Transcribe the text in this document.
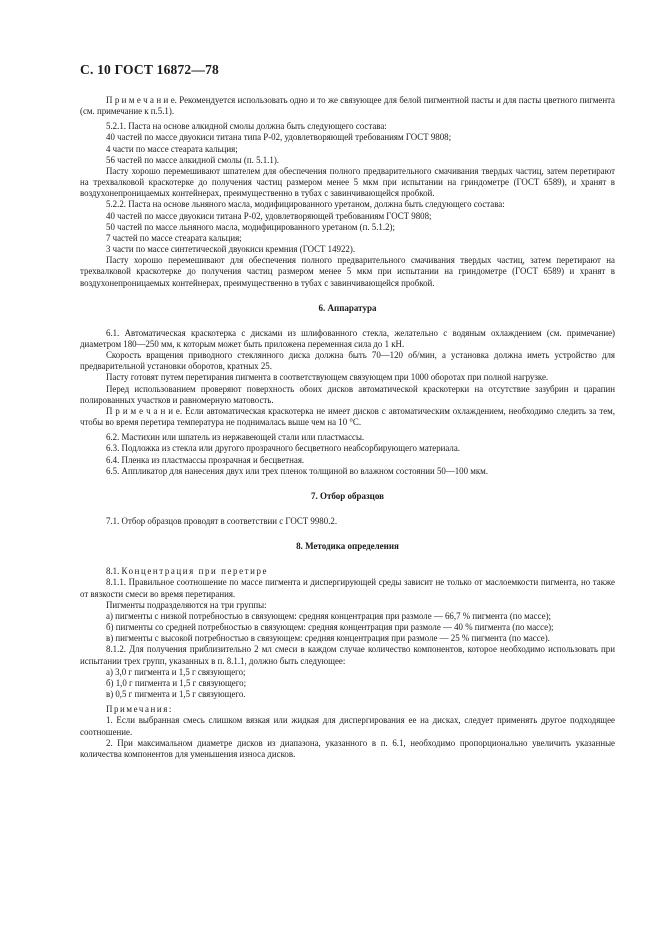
С. 10 ГОСТ 16872—78

П р и м е ч а н и е. Рекомендуется использовать одно и то же связующее для белой пигментной пасты и для пасты цветного пигмента (см. примечание к п.5.1).

5.2.1. Паста на основе алкидной смолы должна быть следующего состава:

40 частей по массе двуокиси титана типа Р-02, удовлетворяющей требованиям ГОСТ 9808;

4 части по массе стеарата кальция;

56 частей по массе алкидной смолы (п. 5.1.1).

Пасту хорошо перемешивают шпателем для обеспечения полного предварительного смачивания твердых частиц, затем перетирают на трехвалковой краскотерке до получения частиц размером менее 5 мкм при испытании на гриндометре (ГОСТ 6589), и хранят в воздухонепроницаемых контейнерах, преимущественно в тубах с завинчивающейся пробкой.

5.2.2. Паста на основе льняного масла, модифицированного уретаном, должна быть следующего состава:

40 частей по массе двуокиси титана Р-02, удовлетворяющей требованиям ГОСТ 9808;

50 частей по массе льняного масла, модифицированного уретаном (п. 5.1.2);

7 частей по массе стеарата кальция;

3 части по массе синтетической двуокиси кремния (ГОСТ 14922).

Пасту хорошо перемешивают для обеспечения полного предварительного смачивания твердых частиц, затем перетирают на трехвалковой краскотерке до получения частиц размером менее 5 мкм при испытании на гриндометре (ГОСТ 6589) и хранят в воздухонепроницаемых контейнерах, преимущественно в тубах с завинчивающейся пробкой.

6. Аппаратура

6.1. Автоматическая краскотерка с дисками из шлифованного стекла, желательно с водяным охлаждением (см. примечание) диаметром 180—250 мм, к которым может быть приложена переменная сила до 1 кН.

Скорость вращения приводного стеклянного диска должна быть 70—120 об/мин, а установка должна иметь устройство для предварительной установки оборотов, кратных 25.

Пасту готовят путем перетирания пигмента в соответствующем связующем при 1000 оборотах при полной нагрузке.

Перед использованием проверяют поверхность обоих дисков автоматической краскотерки на отсутствие зазубрин и царапин полированных участков и равномерную матовость.

П р и м е ч а н и е. Если автоматическая краскотерка не имеет дисков с автоматическим охлаждением, необходимо следить за тем, чтобы во время перетира температура не поднималась выше чем на 10 °С.

6.2. Мастихин или шпатель из нержавеющей стали или пластмассы.

6.3. Подложка из стекла или другого прозрачного бесцветного неабсорбирующего материала.

6.4. Пленка из пластмассы прозрачная и бесцветная.

6.5. Аппликатор для нанесения двух или трех пленок толщиной во влажном состоянии 50—100 мкм.

7. Отбор образцов

7.1. Отбор образцов проводят в соответствии с ГОСТ 9980.2.

8. Методика определения

8.1. Концентрация при перетире

8.1.1. Правильное соотношение по массе пигмента и диспергирующей среды зависит не только от маслоемкости пигмента, но также от вязкости смеси во время перетирания.

Пигменты подразделяются на три группы:

а) пигменты с низкой потребностью в связующем: средняя концентрация при размоле — 66,7 % пигмента (по массе);

б) пигменты со средней потребностью в связующем: средняя концентрация при размоле — 40 % пигмента (по массе);

в) пигменты с высокой потребностью в связующем: средняя концентрация при размоле — 25 % пигмента (по массе).

8.1.2. Для получения приблизительно 2 мл смеси в каждом случае количество компонентов, которое необходимо использовать при испытании трех групп, указанных в п. 8.1.1, должно быть следующее:

а) 3,0 г пигмента и 1,5 г связующего;

б) 1,0 г пигмента и 1,5 г связующего;

в) 0,5 г пигмента и 1,5 г связующего.

Примечания:

1. Если выбранная смесь слишком вязкая или жидкая для диспергирования ее на дисках, следует применять другое подходящее соотношение.

2. При максимальном диаметре дисков из диапазона, указанного в п. 6.1, необходимо пропорционально увеличить указанные количества компонентов для уменьшения износа дисков.
